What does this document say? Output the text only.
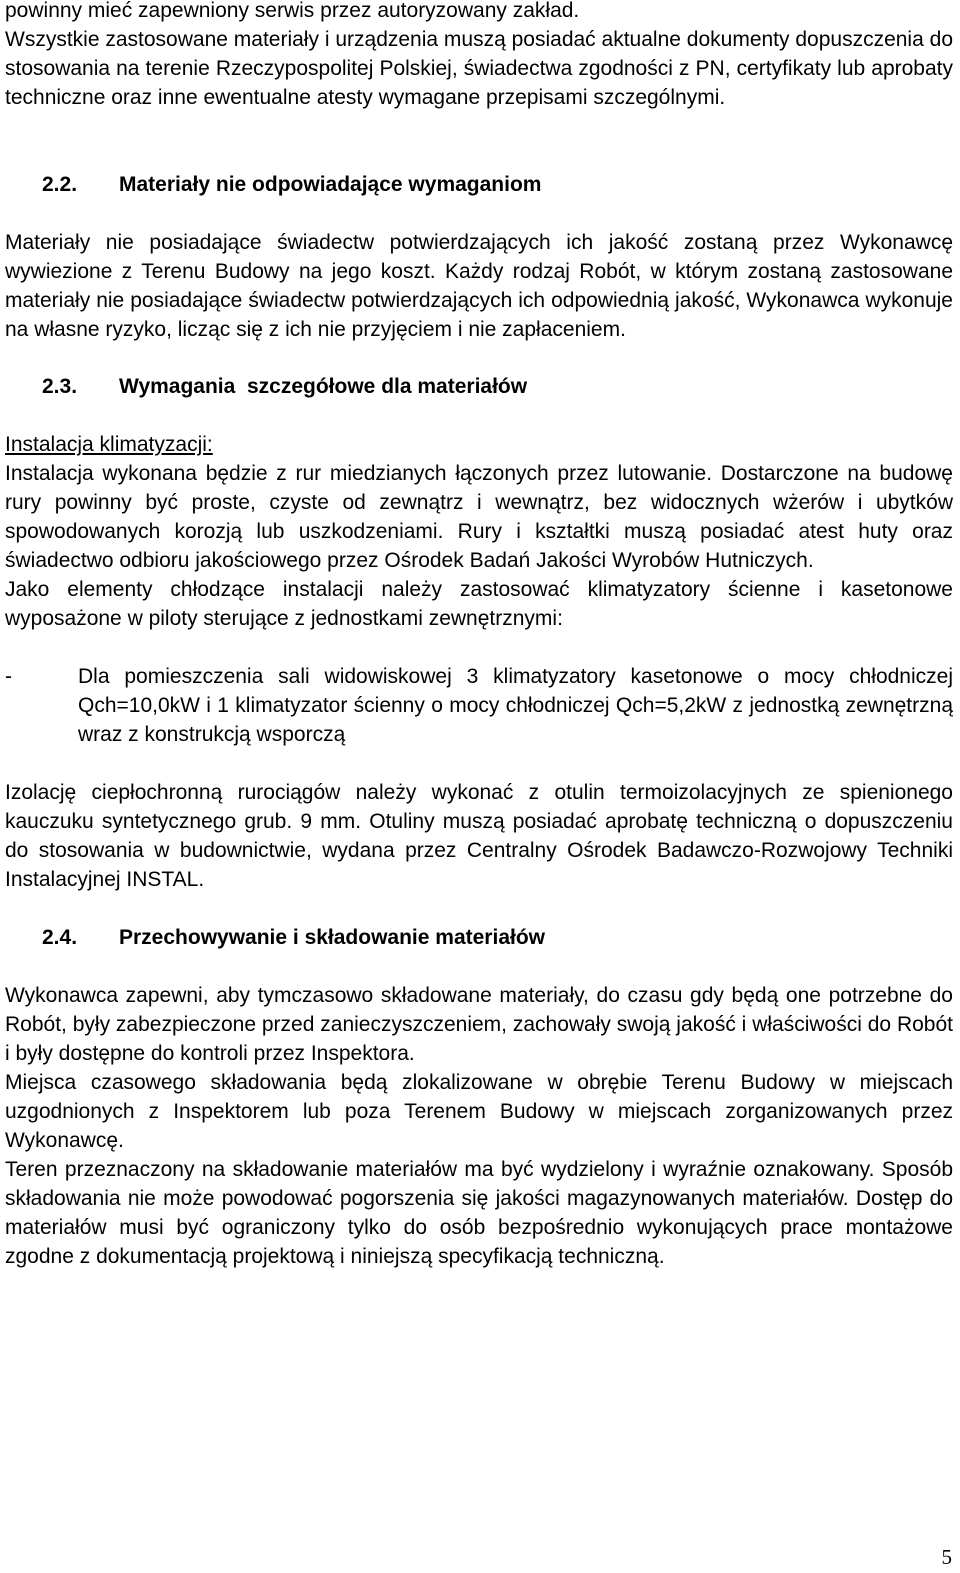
powinny mieć zapewniony serwis przez autoryzowany zakład.

Wszystkie zastosowane materiały i urządzenia muszą posiadać aktualne dokumenty dopuszczenia do stosowania na terenie Rzeczypospolitej Polskiej, świadectwa zgodności z PN, certyfikaty lub aprobaty techniczne oraz inne ewentualne atesty wymagane przepisami szczególnymi.

2.2.	Materiały nie odpowiadające wymaganiom

Materiały nie posiadające świadectw potwierdzających ich jakość zostaną przez Wykonawcę wywiezione z Terenu Budowy na jego koszt. Każdy rodzaj Robót, w którym zostaną zastosowane materiały nie posiadające świadectw potwierdzających ich odpowiednią jakość, Wykonawca wykonuje na własne ryzyko, licząc się z ich nie przyjęciem i nie zapłaceniem.

2.3.	Wymagania  szczegółowe dla materiałów

Instalacja klimatyzacji:

Instalacja wykonana będzie z rur miedzianych łączonych przez lutowanie. Dostarczone na budowę rury powinny być proste, czyste od zewnątrz i wewnątrz, bez widocznych wżerów i ubytków spowodowanych korozją lub uszkodzeniami. Rury i kształtki muszą posiadać atest huty oraz świadectwo odbioru jakościowego przez Ośrodek Badań Jakości Wyrobów Hutniczych.

Jako elementy chłodzące instalacji należy zastosować klimatyzatory ścienne i kasetonowe wyposażone w piloty sterujące z jednostkami zewnętrznymi:

-	Dla pomieszczenia sali widowiskowej 3 klimatyzatory kasetonowe o mocy chłodniczej Qch=10,0kW i 1 klimatyzator ścienny o mocy chłodniczej Qch=5,2kW z jednostką zewnętrzną wraz z konstrukcją wsporczą

Izolację ciepłochronną rurociągów należy wykonać z otulin termoizolacyjnych ze spienionego kauczuku syntetycznego grub. 9 mm. Otuliny muszą posiadać aprobatę techniczną o dopuszczeniu do stosowania w budownictwie, wydana przez Centralny Ośrodek Badawczo-Rozwojowy Techniki Instalacyjnej INSTAL.

2.4.	Przechowywanie i składowanie materiałów

Wykonawca zapewni, aby tymczasowo składowane materiały, do czasu gdy będą one potrzebne do Robót, były zabezpieczone przed zanieczyszczeniem, zachowały swoją jakość i właściwości do Robót i były dostępne do kontroli przez Inspektora.

Miejsca czasowego składowania będą zlokalizowane w obrębie Terenu Budowy w miejscach uzgodnionych z Inspektorem lub poza Terenem Budowy w miejscach zorganizowanych przez Wykonawcę.

Teren przeznaczony na składowanie materiałów ma być wydzielony i wyraźnie oznakowany. Sposób składowania nie może powodować pogorszenia się jakości magazynowanych materiałów. Dostęp do materiałów musi być ograniczony tylko do osób bezpośrednio wykonujących prace montażowe zgodne z dokumentacją projektową i niniejszą specyfikacją techniczną.

5
